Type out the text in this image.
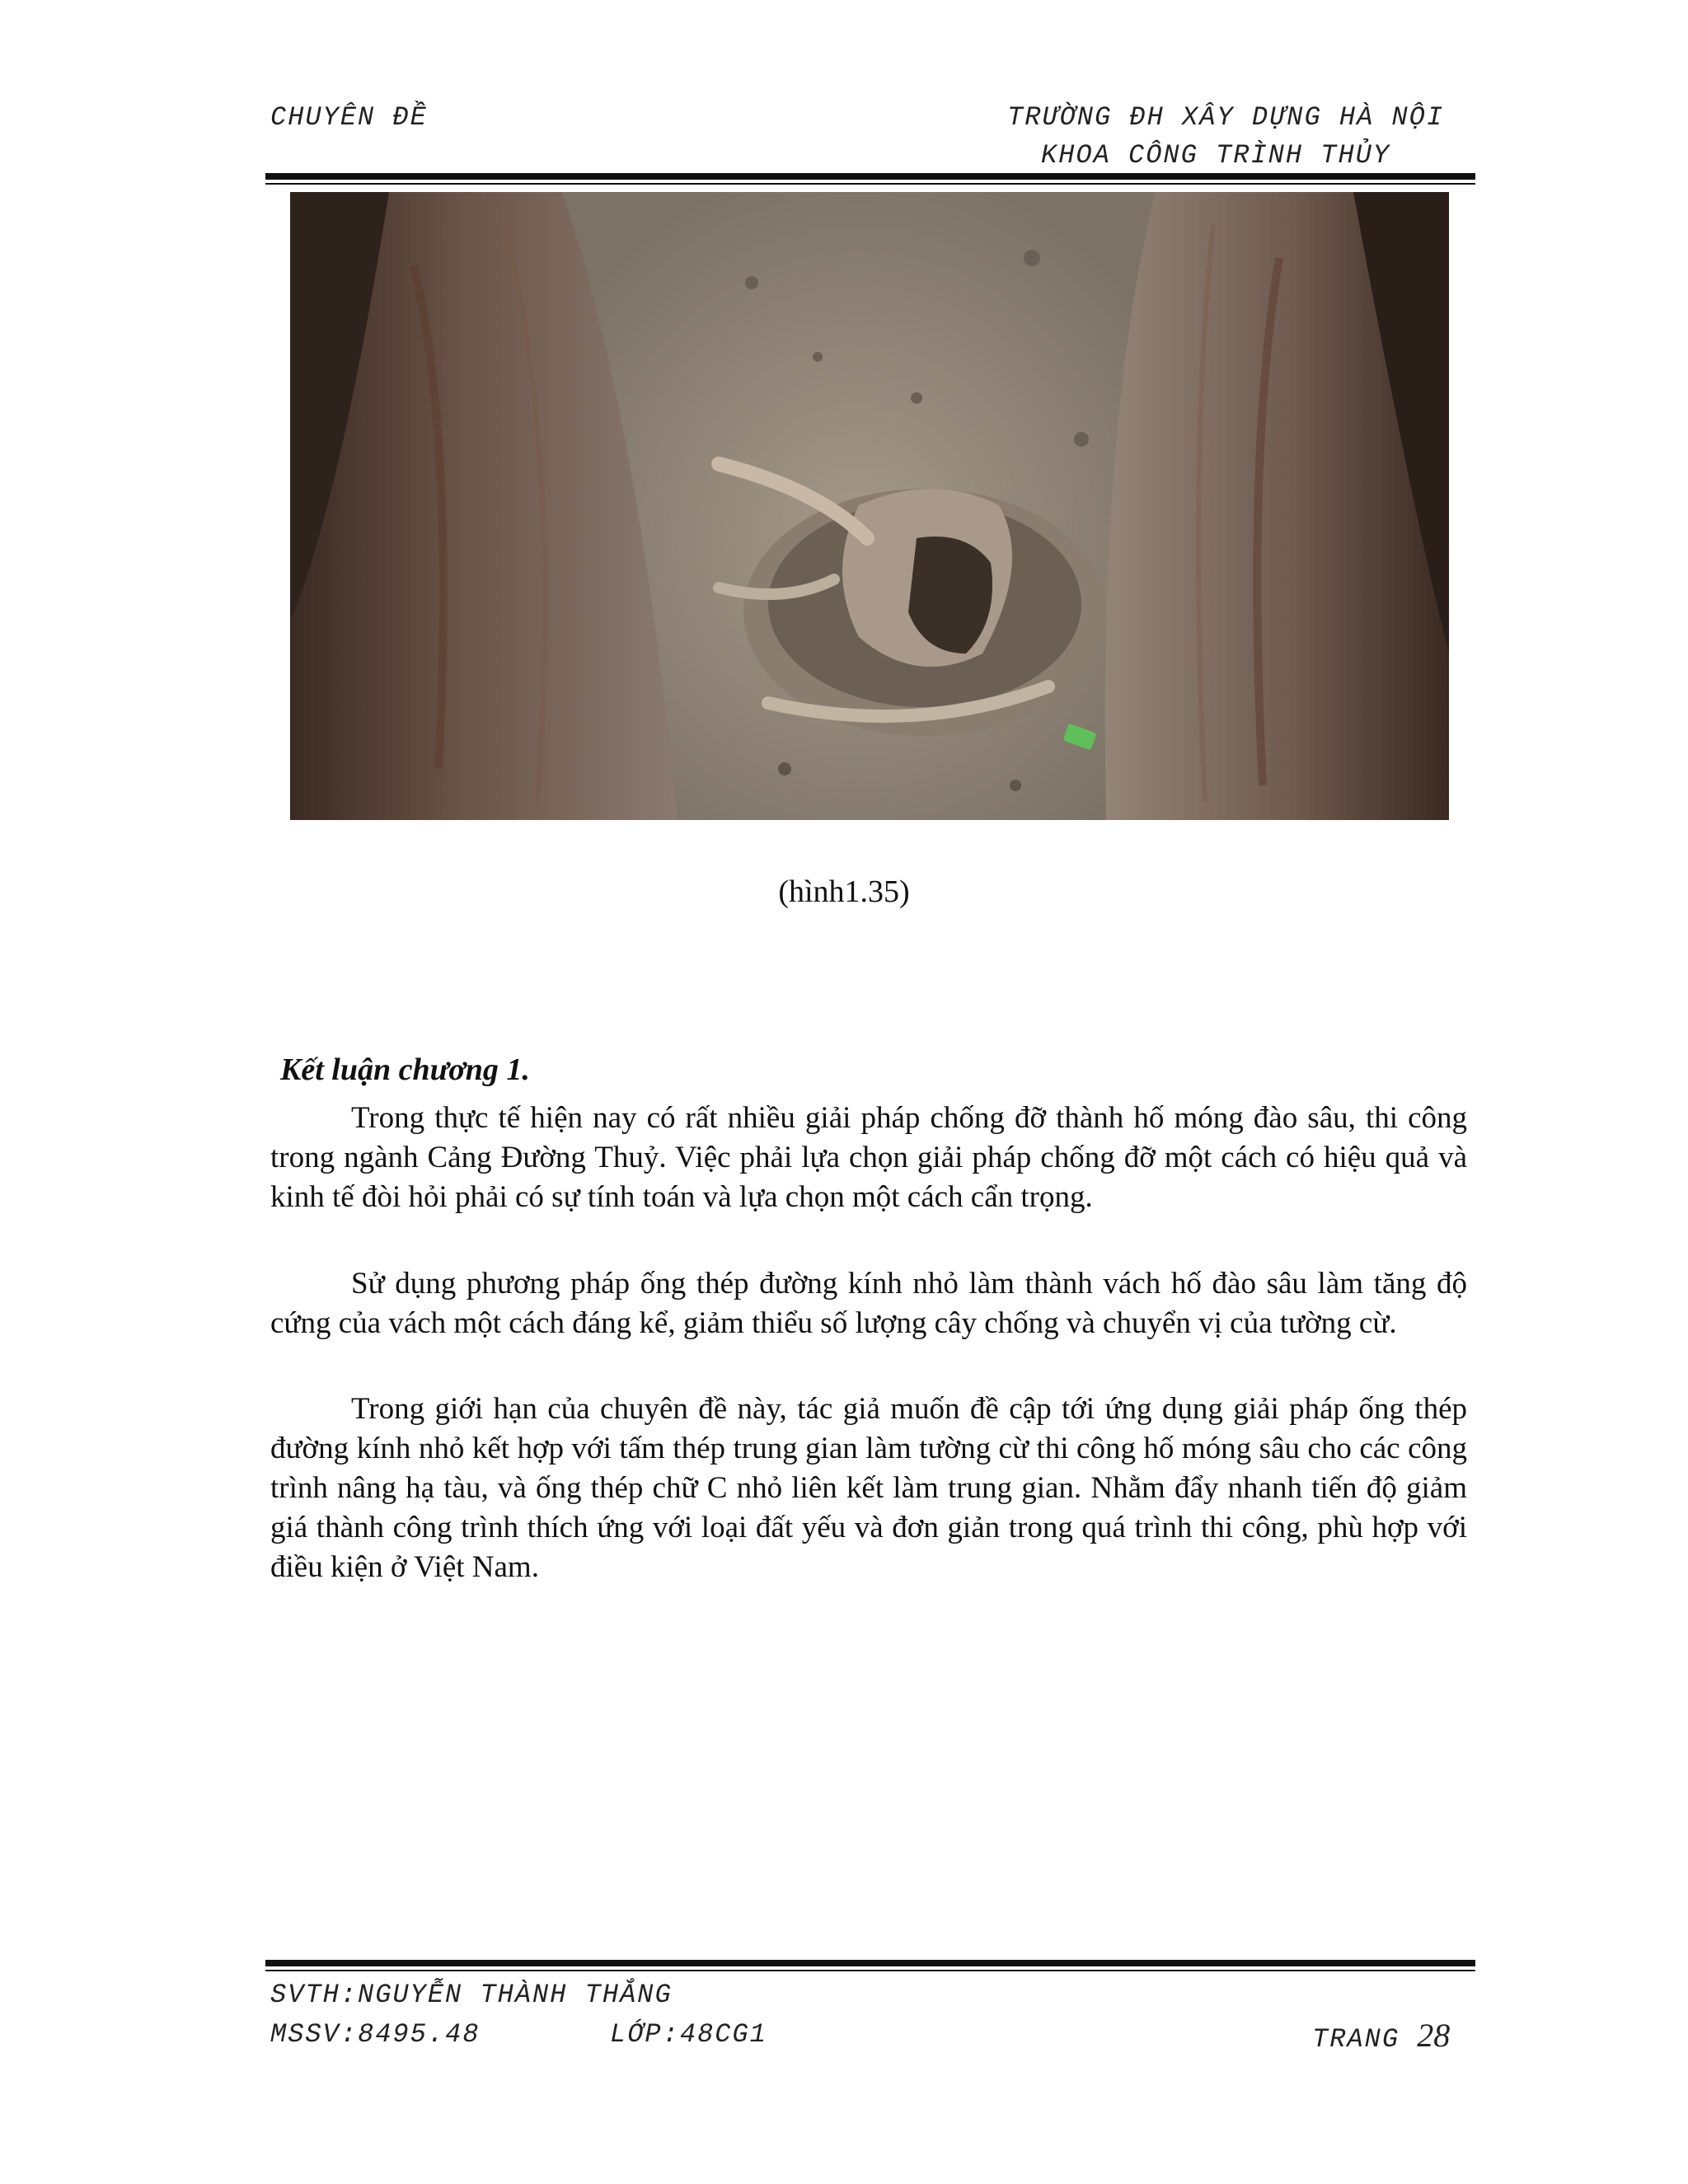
CHUYÊN ĐỀ	TRƯỜNG ĐH XÂY DỰNG HÀ NỘI
KHOA CÔNG TRÌNH THỦY
(hình1.35)
Kết luận chương 1.

Trong thực tế hiện nay có rất nhiều giải pháp chống đỡ thành hố móng đào sâu, thi công trong ngành Cảng Đường Thuỷ. Việc phải lựa chọn giải pháp chống đỡ một cách có hiệu quả và kinh tế đòi hỏi phải có sự tính toán và lựa chọn một cách cẩn trọng.

Sử dụng phương pháp ống thép đường kính nhỏ làm thành vách hố đào sâu làm tăng độ cứng của vách một cách đáng kể, giảm thiểu số lượng cây chống và chuyển vị của tường cừ.

Trong giới hạn của chuyên đề này, tác giả muốn đề cập tới ứng dụng giải pháp ống thép đường kính nhỏ kết hợp với tấm thép trung gian làm tường cừ thi công hố móng sâu cho các công trình nâng hạ tàu, và ống thép chữ C nhỏ liên kết làm trung gian. Nhằm đẩy nhanh tiến độ giảm giá thành công trình thích ứng với loại đất yếu và đơn giản trong quá trình thi công, phù hợp với điều kiện ở Việt Nam.

SVTH:NGUYỄN THÀNH THẮNG
MSSV:8495.48	LỚP:48CG1	TRANG 28
